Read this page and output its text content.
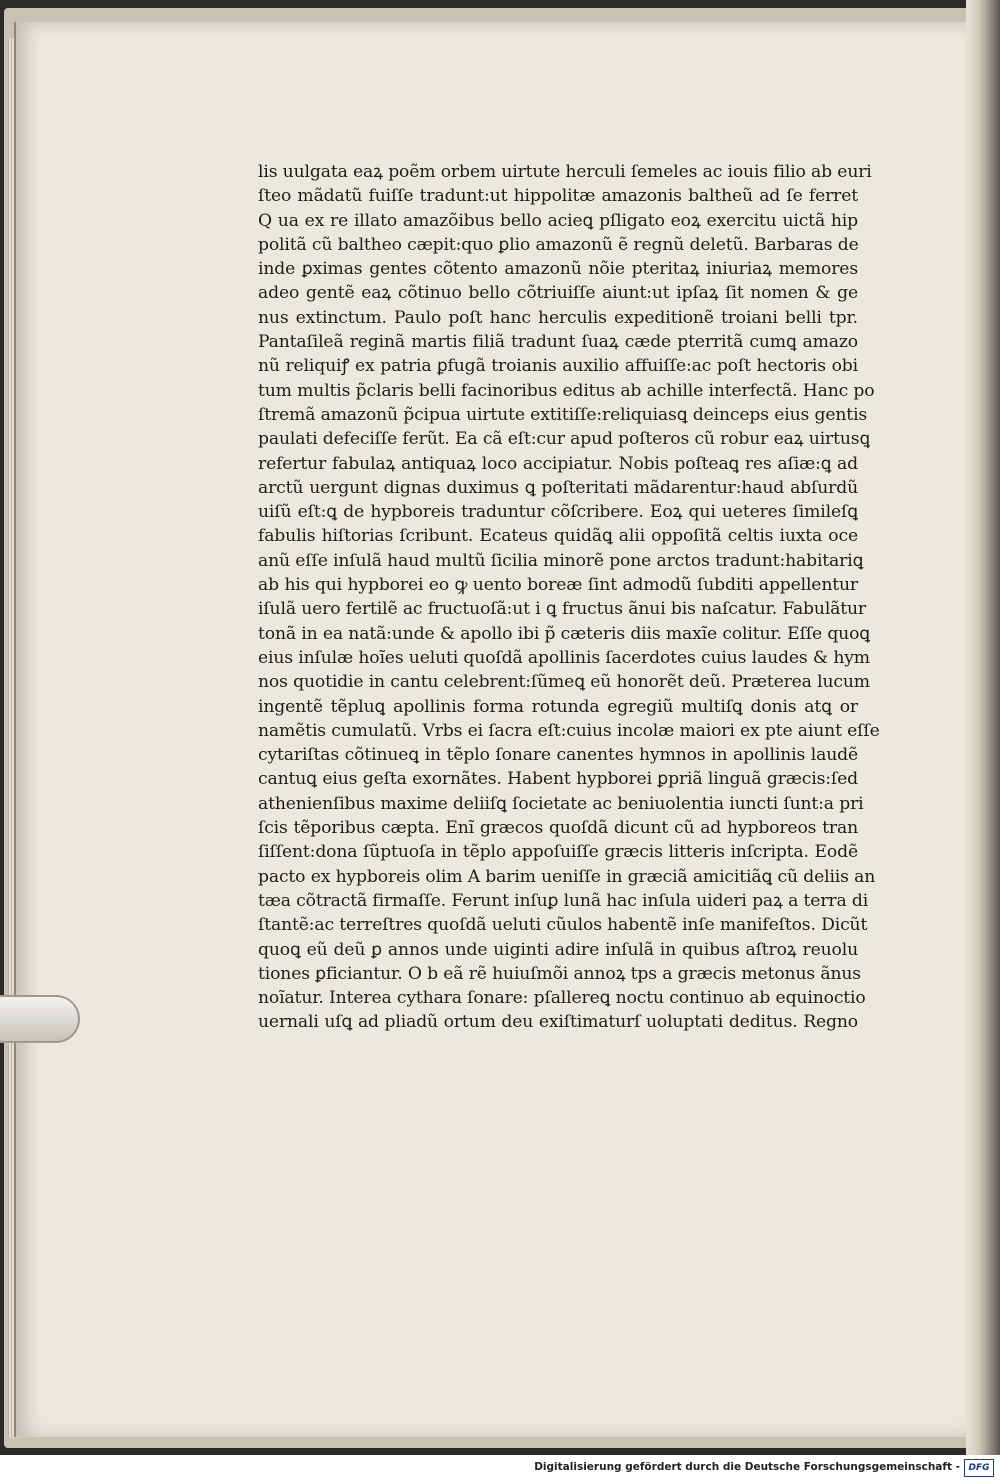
lis uulgata eaꝝ poẽm orbem uirtute herculi ſemeles ac iouis filio ab euri
ſteo mãdatũ fuiſſe tradunt:ut hippolitæ amazonis baltheũ ad ſe ferret
Q ua ex re illato amazõibus bello acieꝗ pſligato eoꝝ exercitu uictã hip
politã cũ baltheo cæpit:quo ꝑlio amazonũ ẽ regnũ deletũ. Barbaras de
inde ꝑximas gentes cõtento amazonũ nõie pteritaꝝ iniuriaꝝ memores
adeo gentẽ eaꝝ cõtinuo bello cõtriuiſſe aiunt:ut ipſaꝝ ſit nomen & ge
nus extinctum. Paulo poſt hanc herculis expeditionẽ troiani belli tpr.
Pantaſileã reginã martis filiã tradunt ſuaꝝ cæde pterritã cumꝗ amazo
nũ reliquiꝭ ex patria ꝑfugã troianis auxilio affuiſſe:ac poſt hectoris obi
tum multis p̃claris belli facinoribus editus ab achille interfectã. Hanc po
ſtremã amazonũ p̃cipua uirtute extitiſſe:reliquiasꝗ deinceps eius gentis
paulati defeciſſe ferũt. Ea cã eſt:cur apud poſteros cũ robur eaꝝ uirtusꝗ
refertur fabulaꝝ antiquaꝝ loco accipiatur. Nobis poſteaꝗ res aſiæ:ꝗ ad
arctũ uergunt dignas duximus ꝗ poſteritati mãdarentur:haud abſurdũ
uiſũ eſt:ꝗ de hypboreis traduntur cõſcribere. Eoꝝ qui ueteres ſimileſꝗ
fabulis hiſtorias ſcribunt. Ecateus quidãꝗ alii oppoſitã celtis iuxta oce
anũ eſſe inſulã haud multũ ſicilia minorẽ pone arctos tradunt:habitariꝗ
ab his qui hypborei eo ꝙ uento boreæ ſint admodũ ſubditi appellentur
iſulã uero fertilẽ ac fructuoſã:ut i ꝗ fructus ãnui bis naſcatur. Fabulãtur
tonã in ea natã:unde & apollo ibi p̃ cæteris diis maxĩe colitur. Eſſe quoꝗ
eius inſulæ hoĩes ueluti quoſdã apollinis ſacerdotes cuius laudes & hym
nos quotidie in cantu celebrent:ſũmeꝗ eũ honorẽt deũ. Præterea lucum
ingentẽ tẽpluꝗ apollinis forma rotunda egregiũ multiſꝗ donis atꝗ or
namẽtis cumulatũ. Vrbs ei ſacra eſt:cuius incolæ maiori ex pte aiunt eſſe
cytariſtas cõtinueꝗ in tẽplo ſonare canentes hymnos in apollinis laudẽ
cantuꝗ eius geſta exornãtes. Habent hypborei ꝑpriã linguã græcis:ſed
athenienſibus maxime deliiſꝗ ſocietate ac beniuolentia iuncti ſunt:a pri
ſcis tẽporibus cæpta. Enĩ græcos quoſdã dicunt cũ ad hypboreos tran
ſiſſent:dona ſũptuoſa in tẽplo appoſuiſſe græcis litteris inſcripta. Eodẽ
pacto ex hypboreis olim A barim ueniſſe in græciã amicitiãꝗ cũ deliis an
tæa cõtractã firmaſſe. Ferunt inſuꝑ lunã hac inſula uideri paꝝ a terra di
ſtantẽ:ac terreſtres quoſdã ueluti cũulos habentẽ inſe manifeſtos. Dicũt
quoꝗ eũ deũ ꝑ annos unde uiginti adire inſulã in quibus aſtroꝝ reuolu
tiones ꝑficiantur. O b eã rẽ huiuſmõi annoꝝ tps a græcis metonus ãnus
noĩatur. Interea cythara ſonare: pſallereꝗ noctu continuo ab equinoctio
uernali uſꝗ ad pliadũ ortum deu exiſtimaturſ uoluptati deditus. Regno
Digitalisierung gefördert durch die Deutsche Forschungsgemeinschaft - DFG
